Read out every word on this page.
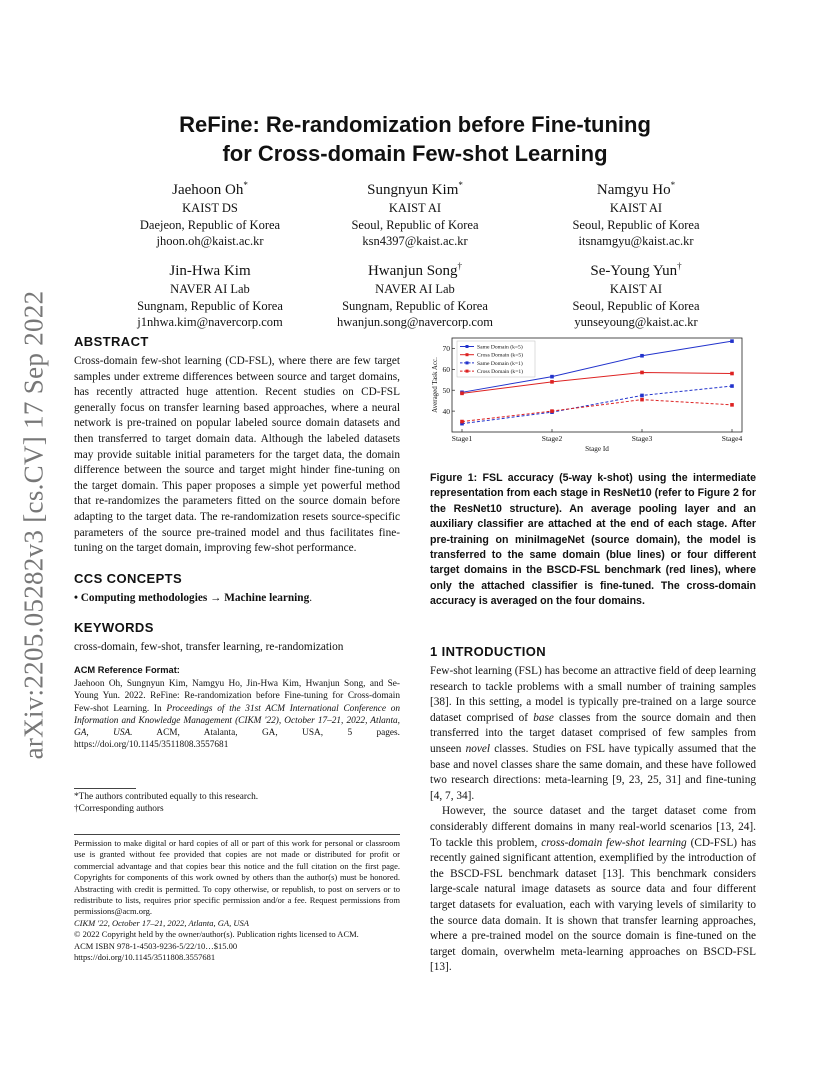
arXiv:2205.05282v3 [cs.CV] 17 Sep 2022
ReFine: Re-randomization before Fine-tuning
for Cross-domain Few-shot Learning
Jaehoon Oh*
KAIST DS
Daejeon, Republic of Korea
jhoon.oh@kaist.ac.kr
Sungnyun Kim*
KAIST AI
Seoul, Republic of Korea
ksn4397@kaist.ac.kr
Namgyu Ho*
KAIST AI
Seoul, Republic of Korea
itsnamgyu@kaist.ac.kr
Jin-Hwa Kim
NAVER AI Lab
Sungnam, Republic of Korea
j1nhwa.kim@navercorp.com
Hwanjun Song†
NAVER AI Lab
Sungnam, Republic of Korea
hwanjun.song@navercorp.com
Se-Young Yun†
KAIST AI
Seoul, Republic of Korea
yunseyoung@kaist.ac.kr
ABSTRACT

Cross-domain few-shot learning (CD-FSL), where there are few target samples under extreme differences between source and target domains, has recently attracted huge attention. Recent studies on CD-FSL generally focus on transfer learning based approaches, where a neural network is pre-trained on popular labeled source domain datasets and then transferred to target domain data. Although the labeled datasets may provide suitable initial parameters for the target data, the domain difference between the source and target might hinder fine-tuning on the target domain. This paper proposes a simple yet powerful method that re-randomizes the parameters fitted on the source domain before adapting to the target data. The re-randomization resets source-specific parameters of the source pre-trained model and thus facilitates fine-tuning on the target domain, improving few-shot performance.

CCS CONCEPTS

• Computing methodologies → Machine learning.

KEYWORDS

cross-domain, few-shot, transfer learning, re-randomization

ACM Reference Format:

Jaehoon Oh, Sungnyun Kim, Namgyu Ho, Jin-Hwa Kim, Hwanjun Song, and Se-Young Yun. 2022. ReFine: Re-randomization before Fine-tuning for Cross-domain Few-shot Learning. In Proceedings of the 31st ACM International Conference on Information and Knowledge Management (CIKM '22), October 17–21, 2022, Atlanta, GA, USA. ACM, Atalanta, GA, USA, 5 pages. https://doi.org/10.1145/3511808.3557681

*The authors contributed equally to this research.
†Corresponding authors

Permission to make digital or hard copies of all or part of this work for personal or classroom use is granted without fee provided that copies are not made or distributed for profit or commercial advantage and that copies bear this notice and the full citation on the first page. Copyrights for components of this work owned by others than the author(s) must be honored. Abstracting with credit is permitted. To copy otherwise, or republish, to post on servers or to redistribute to lists, requires prior specific permission and/or a fee. Request permissions from permissions@acm.org.

CIKM '22, October 17–21, 2022, Atlanta, GA, USA
© 2022 Copyright held by the owner/author(s). Publication rights licensed to ACM.
ACM ISBN 978-1-4503-9236-5/22/10…$15.00
https://doi.org/10.1145/3511808.3557681
40
50
60
70
Stage1	Stage2	Stage3	Stage4
Stage Id
Averaged Task Acc.
Same Domain (k=5)
Cross Domain (k=5)
Same Domain (k=1)
Cross Domain (k=1)
Figure 1: FSL accuracy (5-way k-shot) using the intermediate representation from each stage in ResNet10 (refer to Figure 2 for the ResNet10 structure). An average pooling layer and an auxiliary classifier are attached at the end of each stage. After pre-training on miniImageNet (source domain), the model is transferred to the same domain (blue lines) or four different target domains in the BSCD-FSL benchmark (red lines), where only the attached classifier is fine-tuned. The cross-domain accuracy is averaged on the four domains.
1 INTRODUCTION

Few-shot learning (FSL) has become an attractive field of deep learning research to tackle problems with a small number of training samples [38]. In this setting, a model is typically pre-trained on a large source dataset comprised of base classes from the source domain and then transferred into the target dataset comprised of few samples from unseen novel classes. Studies on FSL have typically assumed that the base and novel classes share the same domain, and these have followed two research directions: meta-learning [9, 23, 25, 31] and fine-tuning [4, 7, 34].

However, the source dataset and the target dataset come from considerably different domains in many real-world scenarios [13, 24]. To tackle this problem, cross-domain few-shot learning (CD-FSL) has recently gained significant attention, exemplified by the introduction of the BSCD-FSL benchmark dataset [13]. This benchmark considers large-scale natural image datasets as source data and four different target datasets for evaluation, each with varying levels of similarity to the source data domain. It is shown that transfer learning approaches, where a pre-trained model on the source domain is fine-tuned on the target domain, overwhelm meta-learning approaches on BSCD-FSL [13].
